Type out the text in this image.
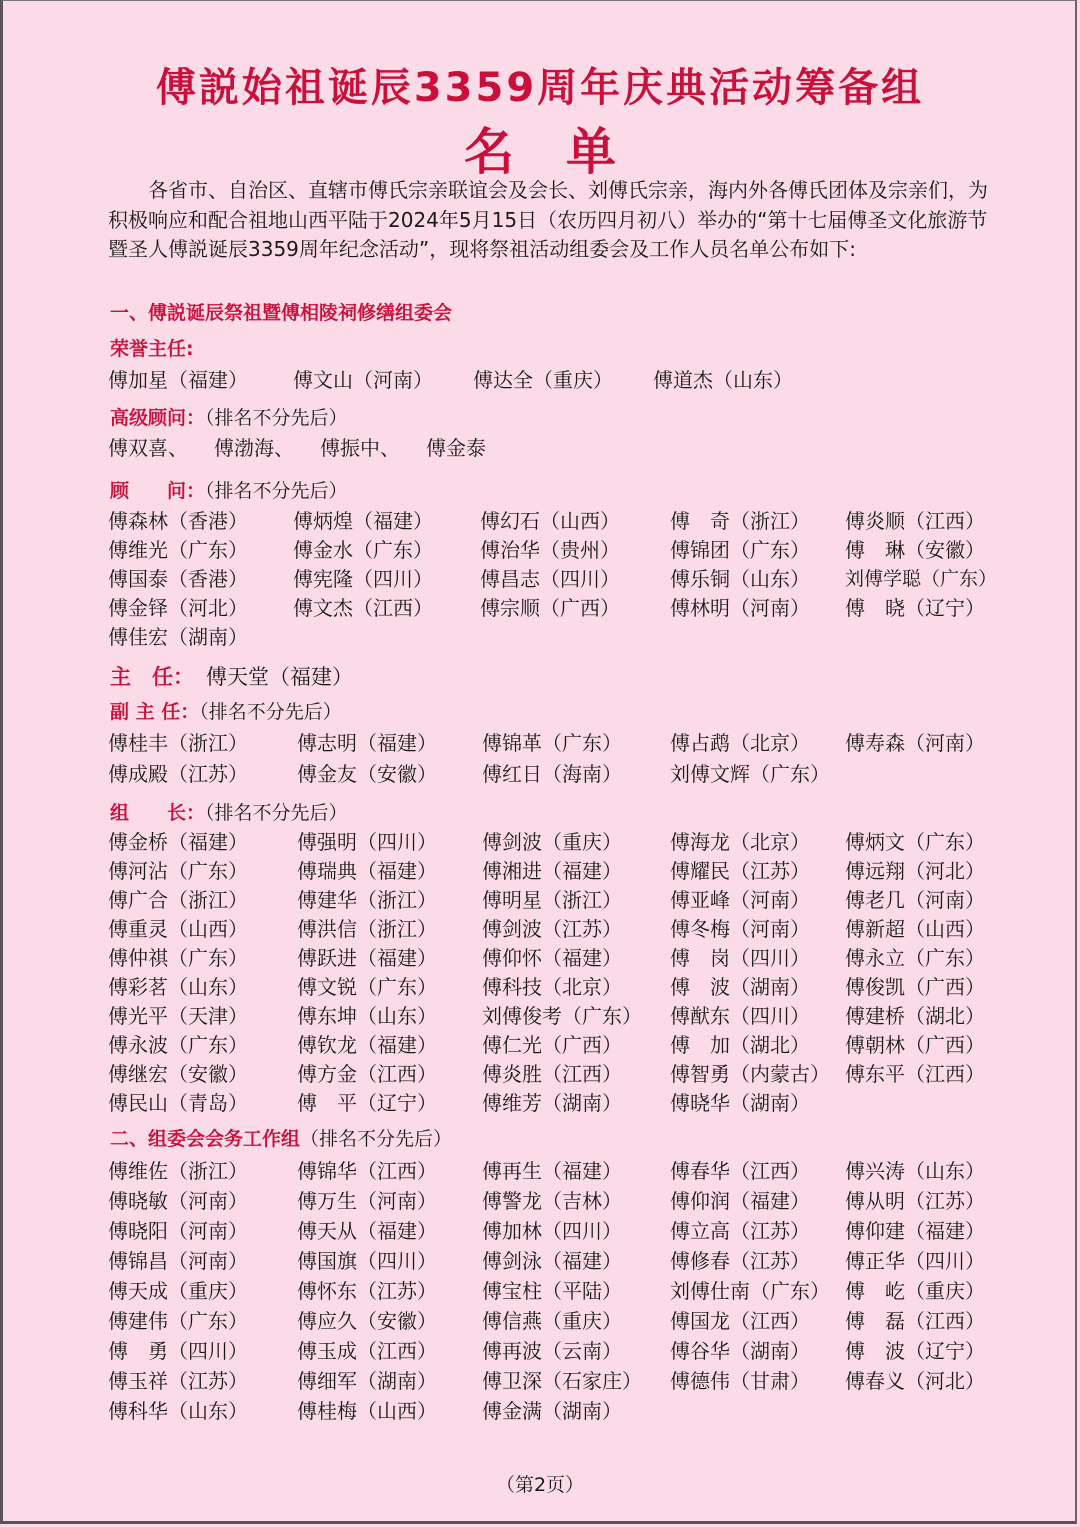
傅説始祖诞辰3359周年庆典活动筹备组
名单

各省市、自治区、直辖市傅氏宗亲联谊会及会长、刘傅氏宗亲，海内外各傅氏团体及宗亲们，为积极响应和配合祖地山西平陆于2024年5月15日（农历四月初八）举办的“第十七届傅圣文化旅游节暨圣人傅説诞辰3359周年纪念活动”，现将祭祖活动组委会及工作人员名单公布如下:

一、傅説诞辰祭祖暨傅相陵祠修缮组委会
荣誉主任:
傅加星（福建） 傅文山（河南） 傅达全（重庆） 傅道杰（山东）
高级顾问：（排名不分先后）
傅双喜、 傅渤海、 傅振中、 傅金泰
顾　　问：（排名不分先后）
傅森林（香港） 傅炳煌（福建） 傅幻石（山西）	傅　奇（浙江） 傅炎顺（江西）
傅维光（广东） 傅金水（广东） 傅治华（贵州）	傅锦团（广东） 傅　琳（安徽）
傅国泰（香港） 傅宪隆（四川） 傅昌志（四川）	傅乐铜（山东） 刘傅学聪（广东）
傅金铎（河北） 傅文杰（江西） 傅宗顺（广西）	傅林明（河南） 傅　晓（辽宁）
傅佳宏（湖南）
主　任： 傅天堂（福建）
副 主 任：（排名不分先后）
傅桂丰（浙江） 傅志明（福建） 傅锦革（广东） 傅占鹉（北京） 傅寿森（河南）
傅成殿（江苏） 傅金友（安徽） 傅红日（海南） 刘傅文辉（广东）
组　　长：（排名不分先后）
傅金桥（福建） 傅强明（四川） 傅剑波（重庆） 傅海龙（北京） 傅炳文（广东）
傅河沾（广东） 傅瑞典（福建） 傅湘进（福建） 傅耀民（江苏） 傅远翔（河北）
傅广合（浙江） 傅建华（浙江） 傅明星（浙江） 傅亚峰（河南） 傅老几（河南）
傅重灵（山西） 傅洪信（浙江） 傅剑波（江苏） 傅冬梅（河南） 傅新超（山西）
傅仲祺（广东） 傅跃进（福建） 傅仰怀（福建） 傅　岗（四川） 傅永立（广东）
傅彩茗（山东） 傅文锐（广东） 傅科技（北京） 傅　波（湖南） 傅俊凯（广西）
傅光平（天津） 傅东坤（山东） 刘傅俊考（广东） 傅猷东（四川） 傅建桥（湖北）
傅永波（广东） 傅钦龙（福建） 傅仁光（广西） 傅　加（湖北） 傅朝林（广西）
傅继宏（安徽） 傅方金（江西） 傅炎胜（江西） 傅智勇（内蒙古） 傅东平（江西）
傅民山（青岛） 傅　平（辽宁） 傅维芳（湖南） 傅晓华（湖南）
二、组委会会务工作组（排名不分先后）
傅维佐（浙江） 傅锦华（江西） 傅再生（福建） 傅春华（江西） 傅兴涛（山东）
傅晓敏（河南） 傅万生（河南） 傅警龙（吉林） 傅仰润（福建） 傅从明（江苏）
傅晓阳（河南） 傅天从（福建） 傅加林（四川） 傅立高（江苏） 傅仰建（福建）
傅锦昌（河南） 傅国旗（四川） 傅剑泳（福建） 傅修春（江苏） 傅正华（四川）
傅天成（重庆） 傅怀东（江苏） 傅宝柱（平陆） 刘傅仕南（广东） 傅　屹（重庆）
傅建伟（广东） 傅应久（安徽） 傅信燕（重庆） 傅国龙（江西） 傅　磊（江西）
傅　勇（四川） 傅玉成（江西） 傅再波（云南） 傅谷华（湖南） 傅　波（辽宁）
傅玉祥（江苏） 傅细军（湖南） 傅卫深（石家庄） 傅德伟（甘肃） 傅春义（河北）
傅科华（山东） 傅桂梅（山西） 傅金满（湖南）
（第2页）
